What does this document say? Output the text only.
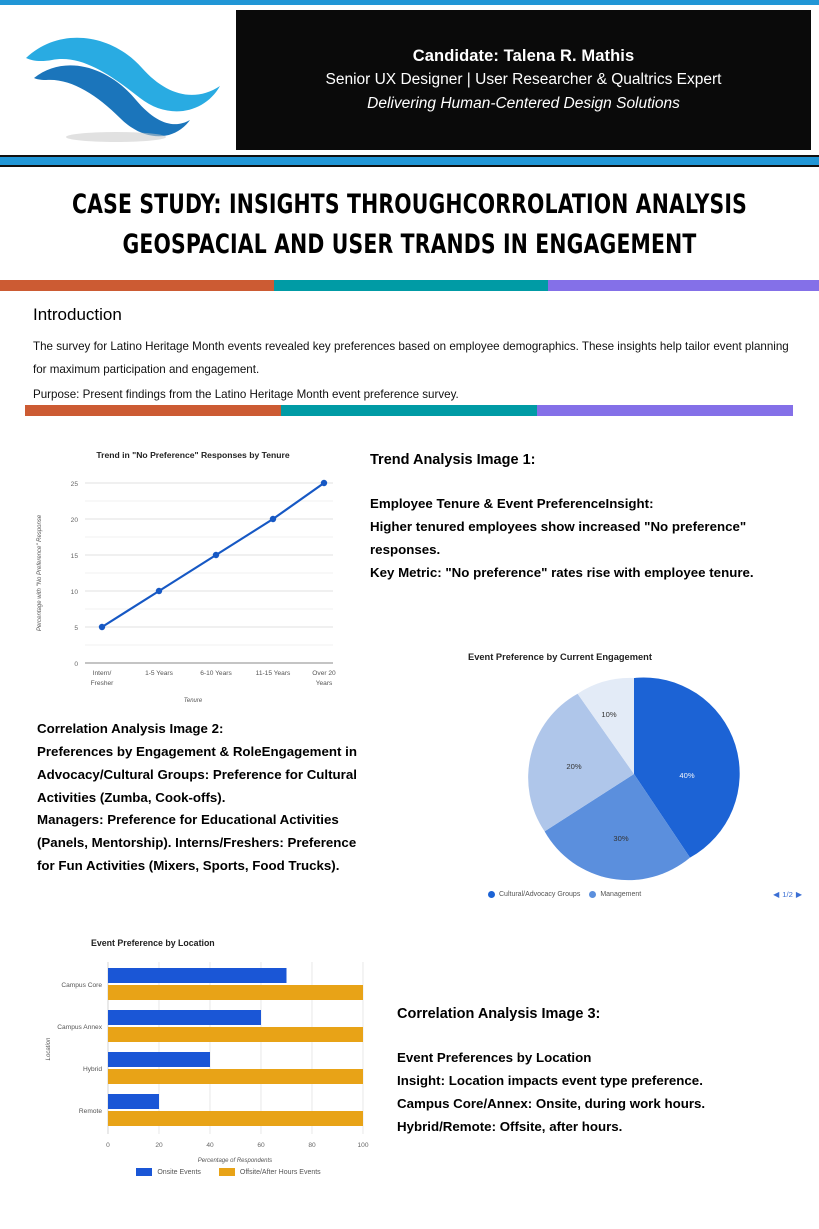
Candidate: Talena R. Mathis
Senior UX Designer | User Researcher & Qualtrics Expert
Delivering Human-Centered Design Solutions
CASE STUDY: INSIGHTS THROUGHCORROLATION ANALYSIS
GEOSPACIAL AND USER TRANDS IN ENGAGEMENT
Introduction

The survey for Latino Heritage Month events revealed key preferences based on employee demographics. These insights help tailor event planning for maximum participation and engagement.

Purpose: Present findings from the Latino Heritage Month event preference survey.

Trend in "No Preference" Responses by Tenure
25
20
15
10
5
0
Percentage with "No Preference" Response
Intern/
Fresher
1-5 Years	6-10 Years	11-15 Years	Over 20
Years
Tenure
Trend Analysis Image 1:
Employee Tenure & Event PreferenceInsight:
Higher tenured employees show increased "No preference"
responses.
Key Metric: "No preference" rates rise with employee tenure.
Correlation Analysis Image 2:
Preferences by Engagement & RoleEngagement in
Advocacy/Cultural Groups: Preference for Cultural
Activities (Zumba, Cook-offs).
Managers: Preference for Educational Activities
(Panels, Mentorship). Interns/Freshers: Preference
for Fun Activities (Mixers, Sports, Food Trucks).
Event Preference by Current Engagement
40%
30%
20%
10%
Cultural/Advocacy Groups	Management	◀ 1/2 ▶
Event Preference by Location
Campus Core
Campus Annex
Hybrid
Remote
Location
0	20	40	60	80	100
Percentage of Respondents
Onsite Events	Offsite/After Hours Events
Correlation Analysis Image 3:
Event Preferences by Location
Insight: Location impacts event type preference.
Campus Core/Annex: Onsite, during work hours.
Hybrid/Remote: Offsite, after hours.
